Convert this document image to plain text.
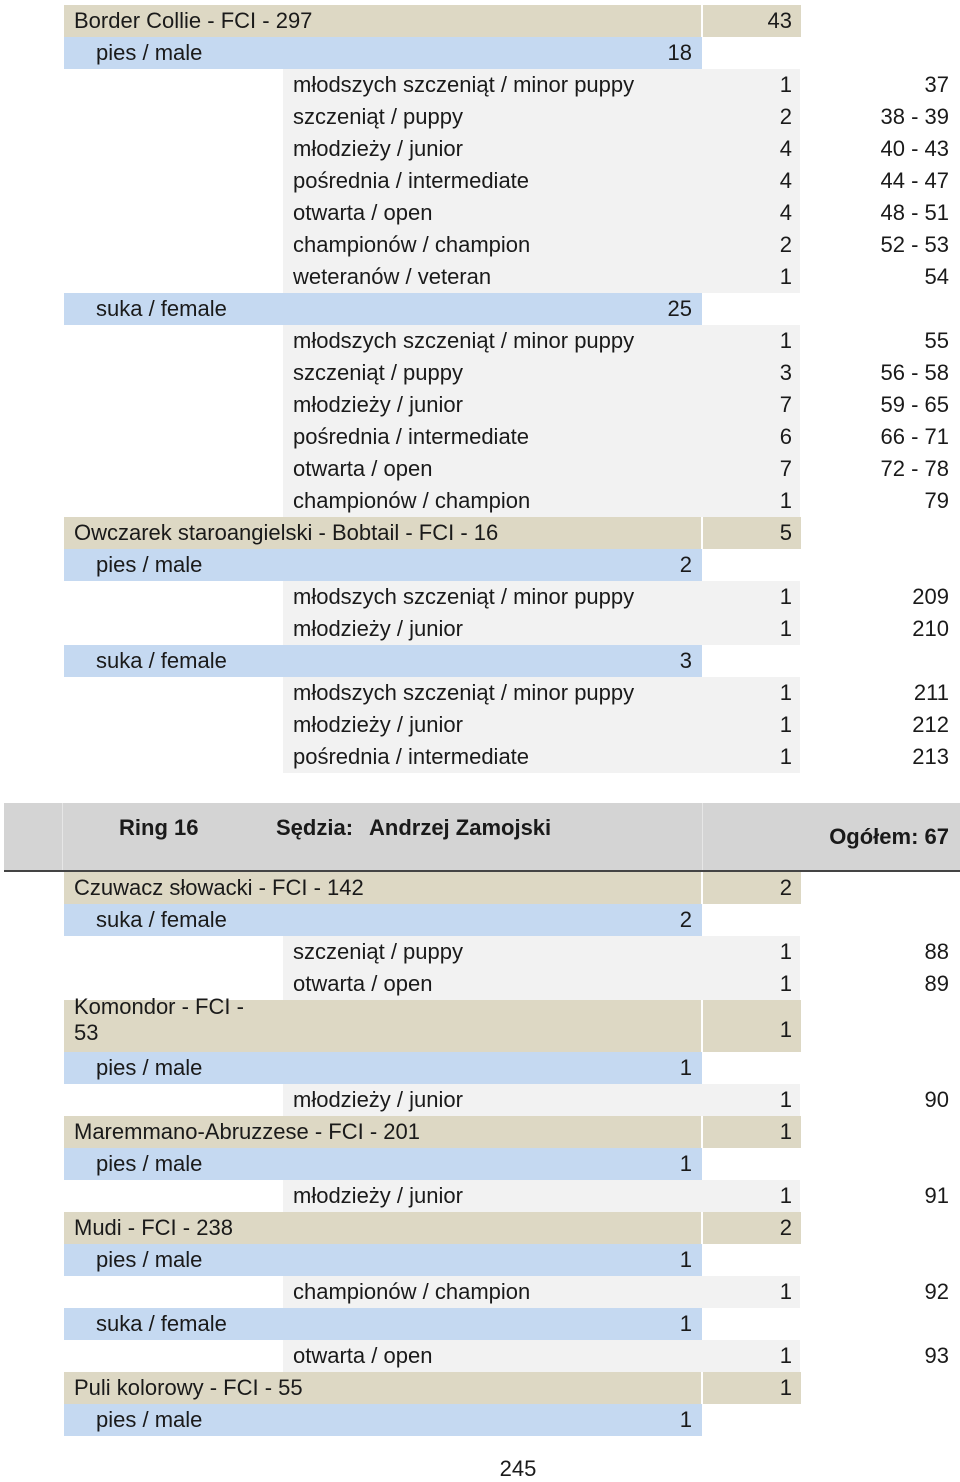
Border Collie - FCI - 297	43
pies / male	18
młodszych szczeniąt / minor puppy	1	37
szczeniąt / puppy	2	38 - 39
młodzieży / junior	4	40 - 43
pośrednia / intermediate	4	44 - 47
otwarta / open	4	48 - 51
championów / champion	2	52 - 53
weteranów / veteran	1	54
suka / female	25
młodszych szczeniąt / minor puppy	1	55
szczeniąt / puppy	3	56 - 58
młodzieży / junior	7	59 - 65
pośrednia / intermediate	6	66 - 71
otwarta / open	7	72 - 78
championów / champion	1	79
Owczarek staroangielski - Bobtail - FCI - 16	5
pies / male	2
młodszych szczeniąt / minor puppy	1	209
młodzieży / junior	1	210
suka / female	3
młodszych szczeniąt / minor puppy	1	211
młodzieży / junior	1	212
pośrednia / intermediate	1	213
Ring 16	Sędzia: Andrzej Zamojski	Ogółem: 67
Czuwacz słowacki - FCI - 142	2
suka / female	2
szczeniąt / puppy	1	88
otwarta / open	1	89
Komondor - FCI -
53	1
pies / male	1
młodzieży / junior	1	90
Maremmano-Abruzzese - FCI - 201	1
pies / male	1
młodzieży / junior	1	91
Mudi - FCI - 238	2
pies / male	1
championów / champion	1	92
suka / female	1
otwarta / open	1	93
Puli kolorowy - FCI - 55	1
pies / male	1
245
